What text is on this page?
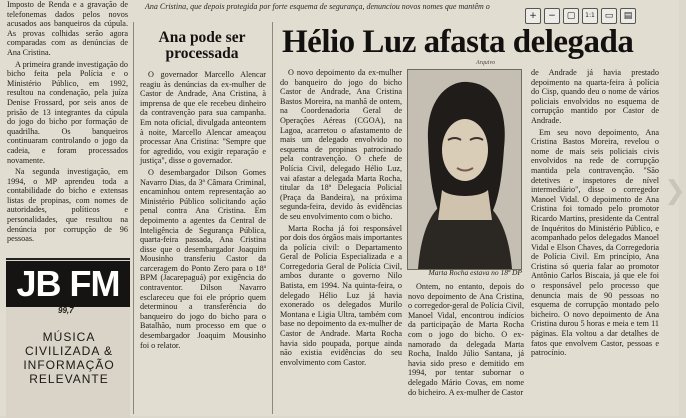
Ana Cristina, que depois protegida por forte esquema de segurança, denunciou novos nomes que mantêm o
+	−	▢	1:1	▭	▤

Imposto de Renda e a gravação de telefonemas dados pelos novos acusados aos banqueiros da cúpula. As provas colhidas serão agora comparadas com as denúncias de Ana Cristina.

A primeira grande investigação do bicho feita pela Polícia e o Ministério Público, em 1992, resultou na condenação, pela juíza Denise Frossard, por seis anos de prisão de 13 integrantes da cúpula do jogo do bicho por formação de quadrilha. Os banqueiros continuaram controlando o jogo da cadeia, e foram processados novamente.

Na segunda investigação, em 1994, o MP aprendeu toda a contabilidade do bicho e extensas listas de propinas, com nomes de autoridades, políticos e personalidades, que resultou na denúncia por corrupção de 96 pessoas.

JB FM
99,7
MÚSICA CIVILIZADA & INFORMAÇÃO RELEVANTE
Ana pode ser processada

O governador Marcello Alencar reagiu às denúncias da ex-mulher de Castor de Andrade, Ana Cristina, à imprensa de que ele recebeu dinheiro da contravenção para sua campanha. Em nota oficial, divulgada anteontem à noite, Marcello Alencar ameaçou processar Ana Cristina: "Sempre que for agredido, vou exigir reparação e justiça", disse o governador.

O desembargador Dilson Gomes Navarro Dias, da 3ª Câmara Criminal, encaminhou ontem representação ao Ministério Público solicitando ação penal contra Ana Cristina. Em depoimento a agentes da Central de Inteligência de Segurança Pública, quarta-feira passada, Ana Cristina disse que o desembargador Joaquim Mousinho transferiu Castor da carceragem do Ponto Zero para o 18ª BPM (Jacarepaguá) por exigência do contraventor. Dilson Navarro esclareceu que foi ele próprio quem determinou a transferência do banqueiro do jogo do bicho para o Batalhão, num processo em que o desembargador Joaquim Mousinho foi o relator.

Hélio Luz afasta delegada

O novo depoimento da ex-mulher do banqueiro do jogo do bicho Castor de Andrade, Ana Cristina Bastos Moreira, na manhã de ontem, na Coordenadoria Geral de Operações Aéreas (CGOA), na Lagoa, acarretou o afastamento de mais um delegado envolvido no esquema de propinas patrocinado pela contravenção. O chefe de Polícia Civil, delegado Hélio Luz, vai afastar a delegada Marta Rocha, titular da 18ª Delegacia Policial (Praça da Bandeira), na próxima segunda-feira, devido às evidências de seu envolvimento com o bicho.

Marta Rocha já foi responsável por dois dos órgãos mais importantes da polícia civil: o Departamento Geral de Polícia Especializada e a Corregedoria Geral de Polícia Civil, ambos durante o governo Nilo Batista, em 1994. Na quinta-feira, o delegado Hélio Luz já havia exonerado os delegados Murilo Montana e Ligia Ultra, também com base no depoimento da ex-mulher de Castor de Andrade. Marta Rocha havia sido poupada, porque ainda não existia evidências do seu envolvimento com Castor.

Arquivo
Marta Rocha estava no 18ª DP

Ontem, no entanto, depois do novo depoimento de Ana Cristina, o corregedor-geral de Polícia Civil, Manoel Vidal, encontrou indícios da participação de Marta Rocha com o jogo do bicho. O ex-namorado da delegada Marta Rocha, Inaldo Júlio Santana, já havia sido preso e demitido em 1994, por tentar subornar o delegado Mário Covas, em nome do bicheiro. A ex-mulher de Castor

de Andrade já havia prestado depoimento na quarta-feira à polícia do Cisp, quando deu o nome de vários policiais envolvidos no esquema de corrupção mantido por Castor de Andrade.

Em seu novo depoimento, Ana Cristina Bastos Moreira, revelou o nome de mais seis policiais civis envolvidos na rede de corrupção mantida pela contravenção. "São detetives e inspetores de nível intermediário", disse o corregedor Manoel Vidal. O depoimento de Ana Cristina foi tomado pelo promotor Ricardo Martins, presidente da Central de Inquéritos do Ministério Público, e acompanhado pelos delegados Manoel Vidal e Elson Chaves, da Corregedoria de Polícia Civil. Em princípio, Ana Cristina só queria falar ao promotor Antônio Carlos Biscaia, já que ele foi o responsável pelo processo que denuncia mais de 90 pessoas no esquema de corrupção montado pelo bicheiro. O novo depoimento de Ana Cristina durou 5 horas e meia e tem 11 páginas. Ela voltou a dar detalhes de fatos que envolvem Castor, pessoas e patrocínio.

❯
